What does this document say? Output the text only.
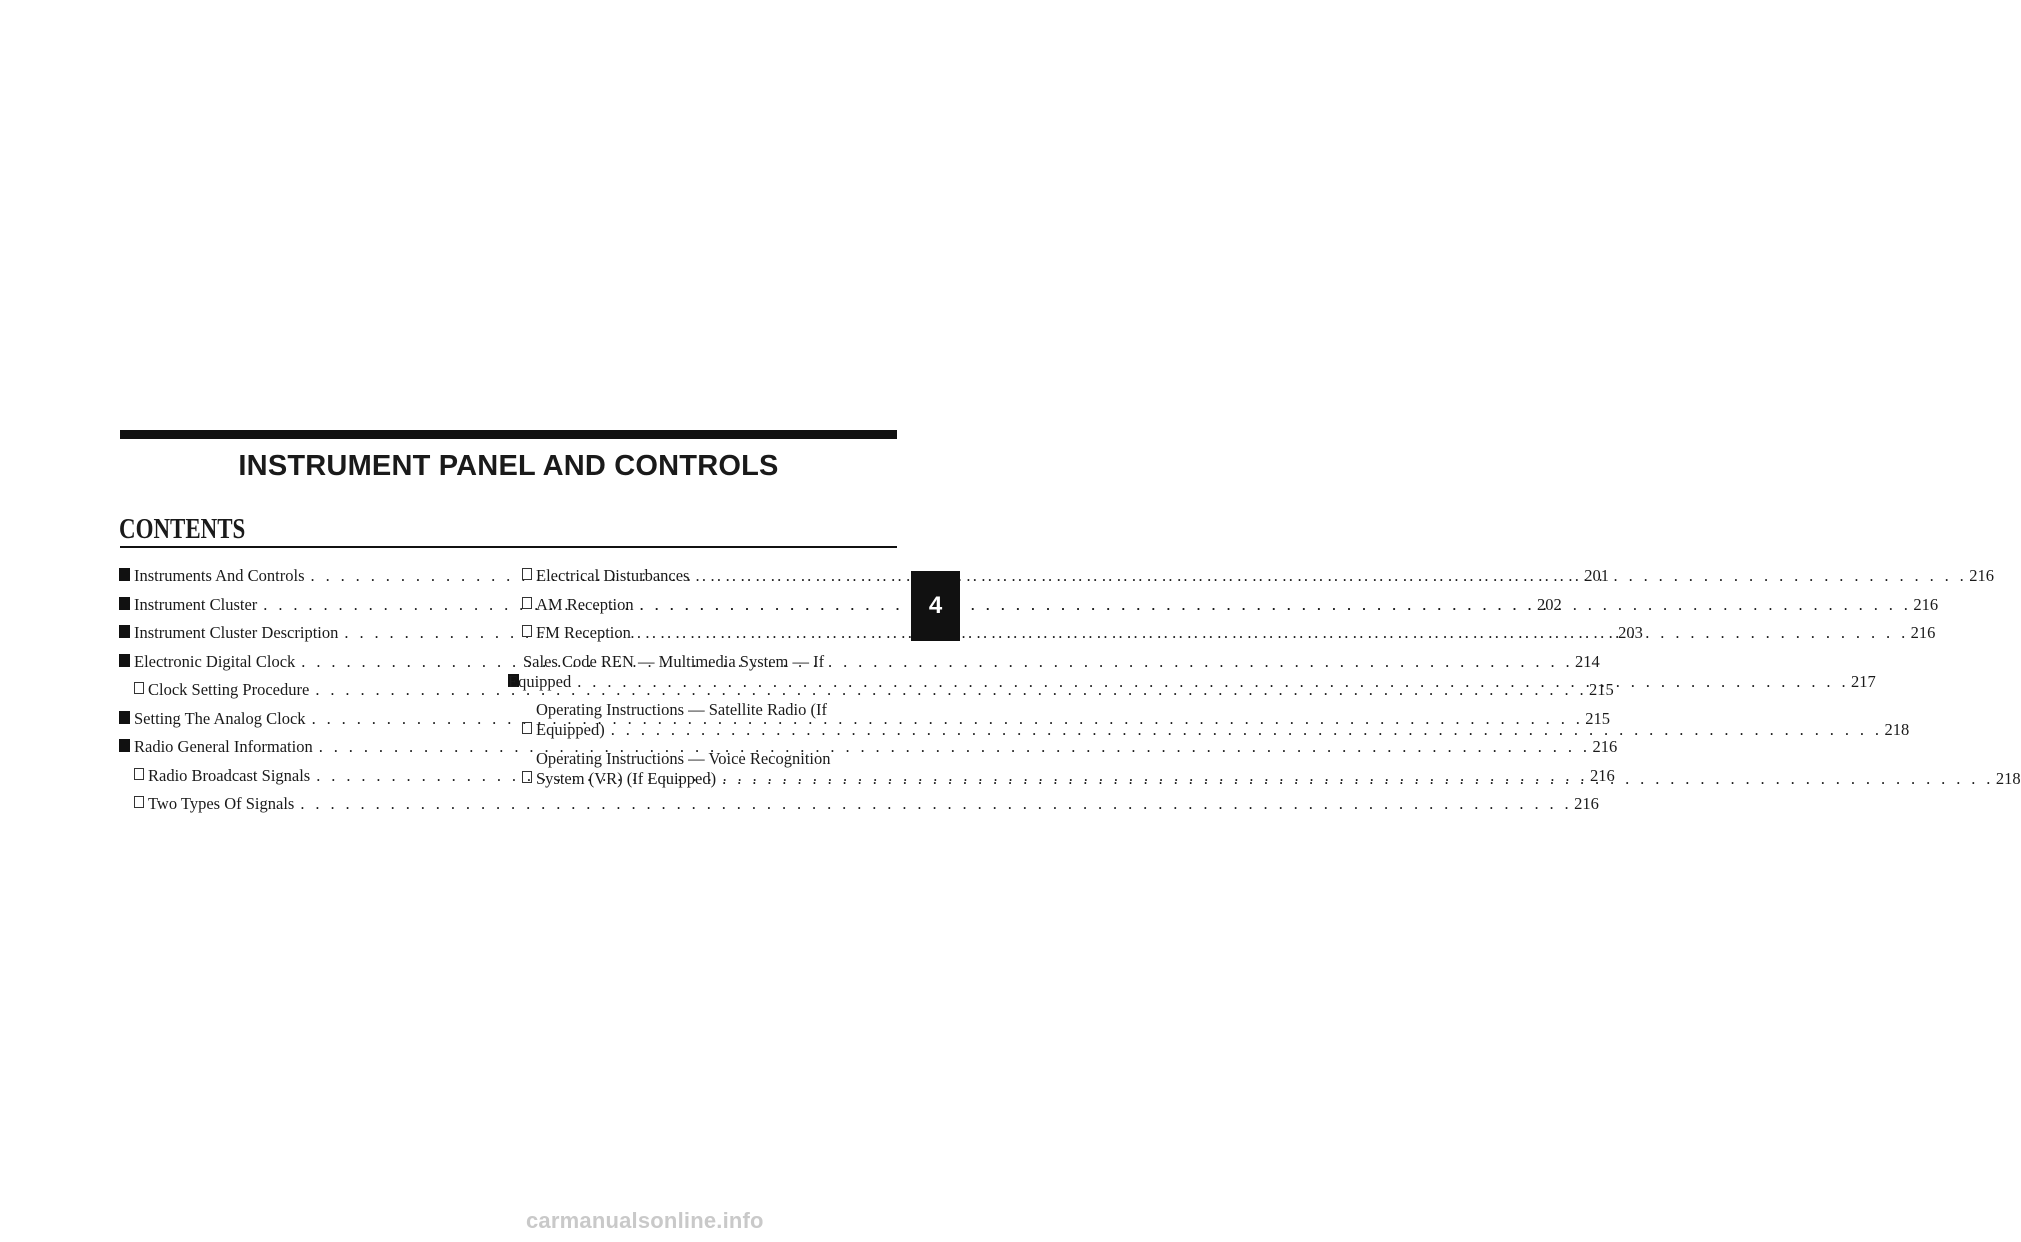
INSTRUMENT PANEL AND CONTROLS
CONTENTS
Instruments And Controls . . .	201
Instrument Cluster . . .	202
Instrument Cluster Description . . .	203
Electronic Digital Clock . . .	214
Clock Setting Procedure . . .	215
Setting The Analog Clock . . .	215
Radio General Information . . .	216
Radio Broadcast Signals . . .	216
Two Types Of Signals . . .	216
Electrical Disturbances . . .	216
AM Reception . . .	216
FM Reception . . .	216
Sales Code REN — Multimedia System — If
Equipped . . .	217
Operating Instructions — Satellite Radio (If
Equipped) . . .	218
Operating Instructions — Voice Recognition
System (VR) (If Equipped) . . .	218
4
carmanualsonline.info
